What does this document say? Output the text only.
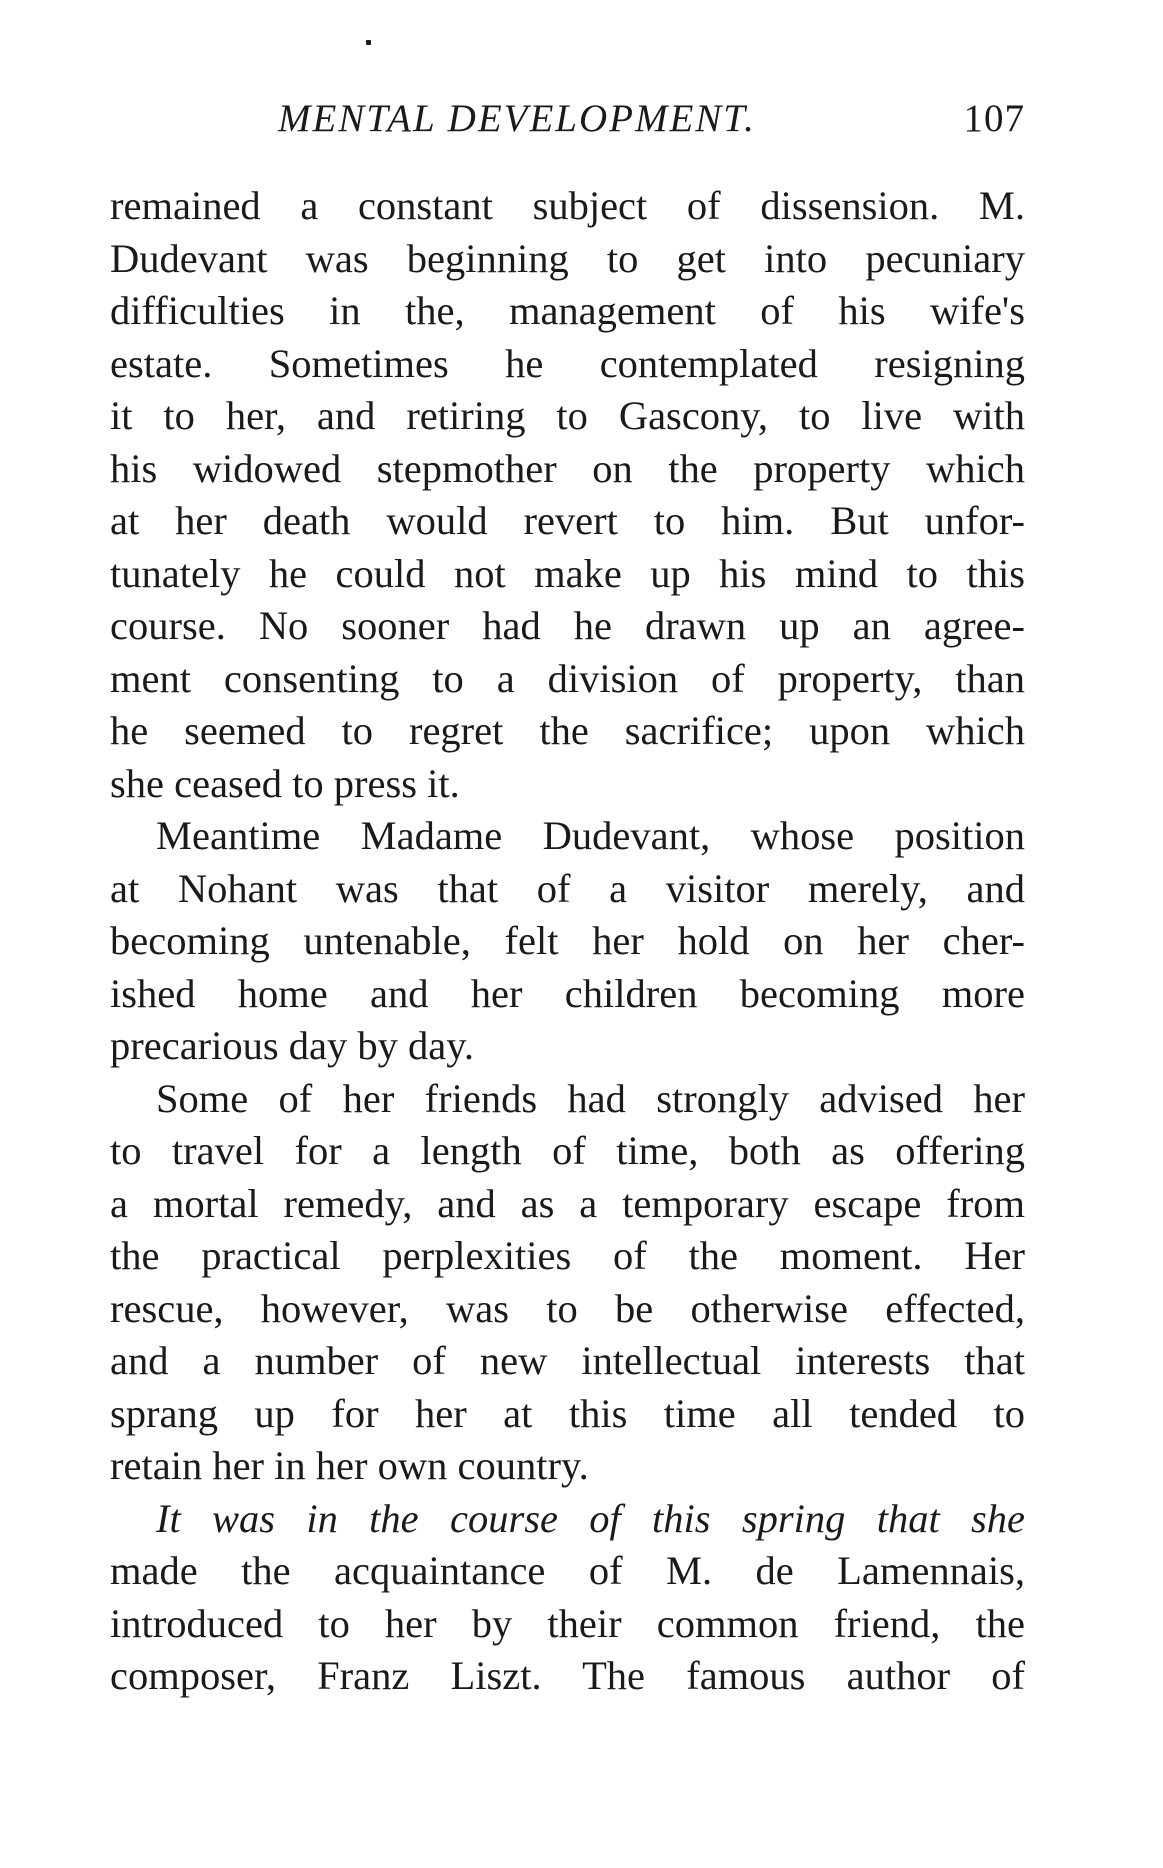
MENTAL DEVELOPMENT.	107

remained a constant subject of dissension. M.
Dudevant was beginning to get into pecuniary
difficulties in the, management of his wife's
estate. Sometimes he contemplated resigning
it to her, and retiring to Gascony, to live with
his widowed stepmother on the property which
at her death would revert to him. But unfor-
tunately he could not make up his mind to this
course. No sooner had he drawn up an agree-
ment consenting to a division of property, than
he seemed to regret the sacrifice; upon which
she ceased to press it.

Meantime Madame Dudevant, whose position
at Nohant was that of a visitor merely, and
becoming untenable, felt her hold on her cher-
ished home and her children becoming more
precarious day by day.

Some of her friends had strongly advised her
to travel for a length of time, both as offering
a mortal remedy, and as a temporary escape from
the practical perplexities of the moment. Her
rescue, however, was to be otherwise effected,
and a number of new intellectual interests that
sprang up for her at this time all tended to
retain her in her own country.

It was in the course of this spring that she
made the acquaintance of M. de Lamennais,
introduced to her by their common friend, the
composer, Franz Liszt. The famous author of
